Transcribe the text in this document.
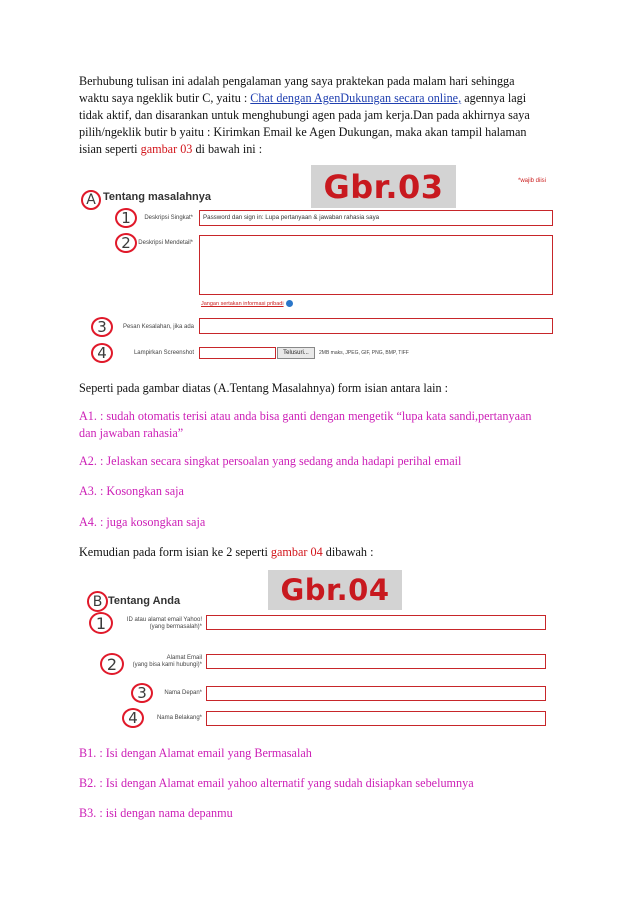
Berhubung tulisan ini adalah pengalaman yang saya praktekan pada malam hari sehingga
waktu saya ngeklik butir C, yaitu : Chat dengan AgenDukungan secara online, agennya lagi
tidak aktif, dan disarankan untuk menghubungi agen pada jam kerja.Dan pada akhirnya saya
pilih/ngeklik butir b yaitu : Kirimkan Email ke Agen Dukungan, maka akan tampil halaman
isian seperti gambar 03 di bawah ini :
Gbr.03	*wajib diisi
A Tentang masalahnya
1	Deskripsi Singkat*	Password dan sign in: Lupa pertanyaan & jawaban rahasia saya
2	Deskripsi Mendetail*
Jangan sertakan informasi pribadi
3	Pesan Kesalahan, jika ada
4	Lampirkan Screenshot	Telusuri...	2MB maks, JPEG, GIF, PNG, BMP, TIFF
Seperti pada gambar diatas (A.Tentang Masalahnya) form isian antara lain :
A1. : sudah otomatis terisi atau anda bisa ganti dengan mengetik “lupa kata sandi,pertanyaan
dan jawaban rahasia”
A2. : Jelaskan secara singkat persoalan yang sedang anda hadapi perihal email
A3. : Kosongkan saja
A4. : juga kosongkan saja
Kemudian pada form isian ke 2 seperti gambar 04 dibawah :
Gbr.04
B Tentang Anda
1	ID atau alamat email Yahoo!
(yang bermasalah)*
2	Alamat Email
(yang bisa kami hubungi)*
3	Nama Depan*
4	Nama Belakang*
B1. : Isi dengan Alamat email yang Bermasalah
B2. : Isi dengan Alamat email yahoo alternatif yang sudah disiapkan sebelumnya
B3. : isi dengan nama depanmu
